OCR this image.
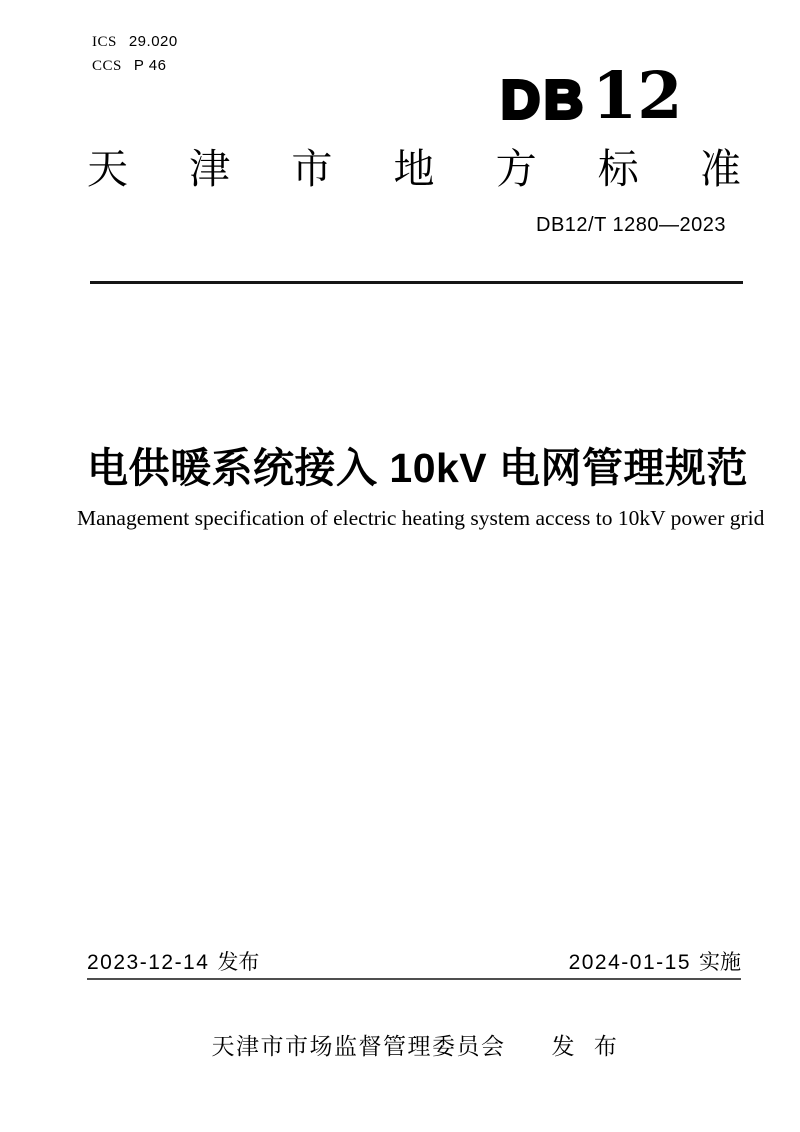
ICS 29.020
CCS P 46
DB 12
天 津 市 地 方 标 准
DB12/T 1280—2023
电供暖系统接入 10kV 电网管理规范
Management specification of electric heating system access to 10kV power grid
2023-12-14 发布	2024-01-15 实施
天津市市场监督管理委员会 发 布
